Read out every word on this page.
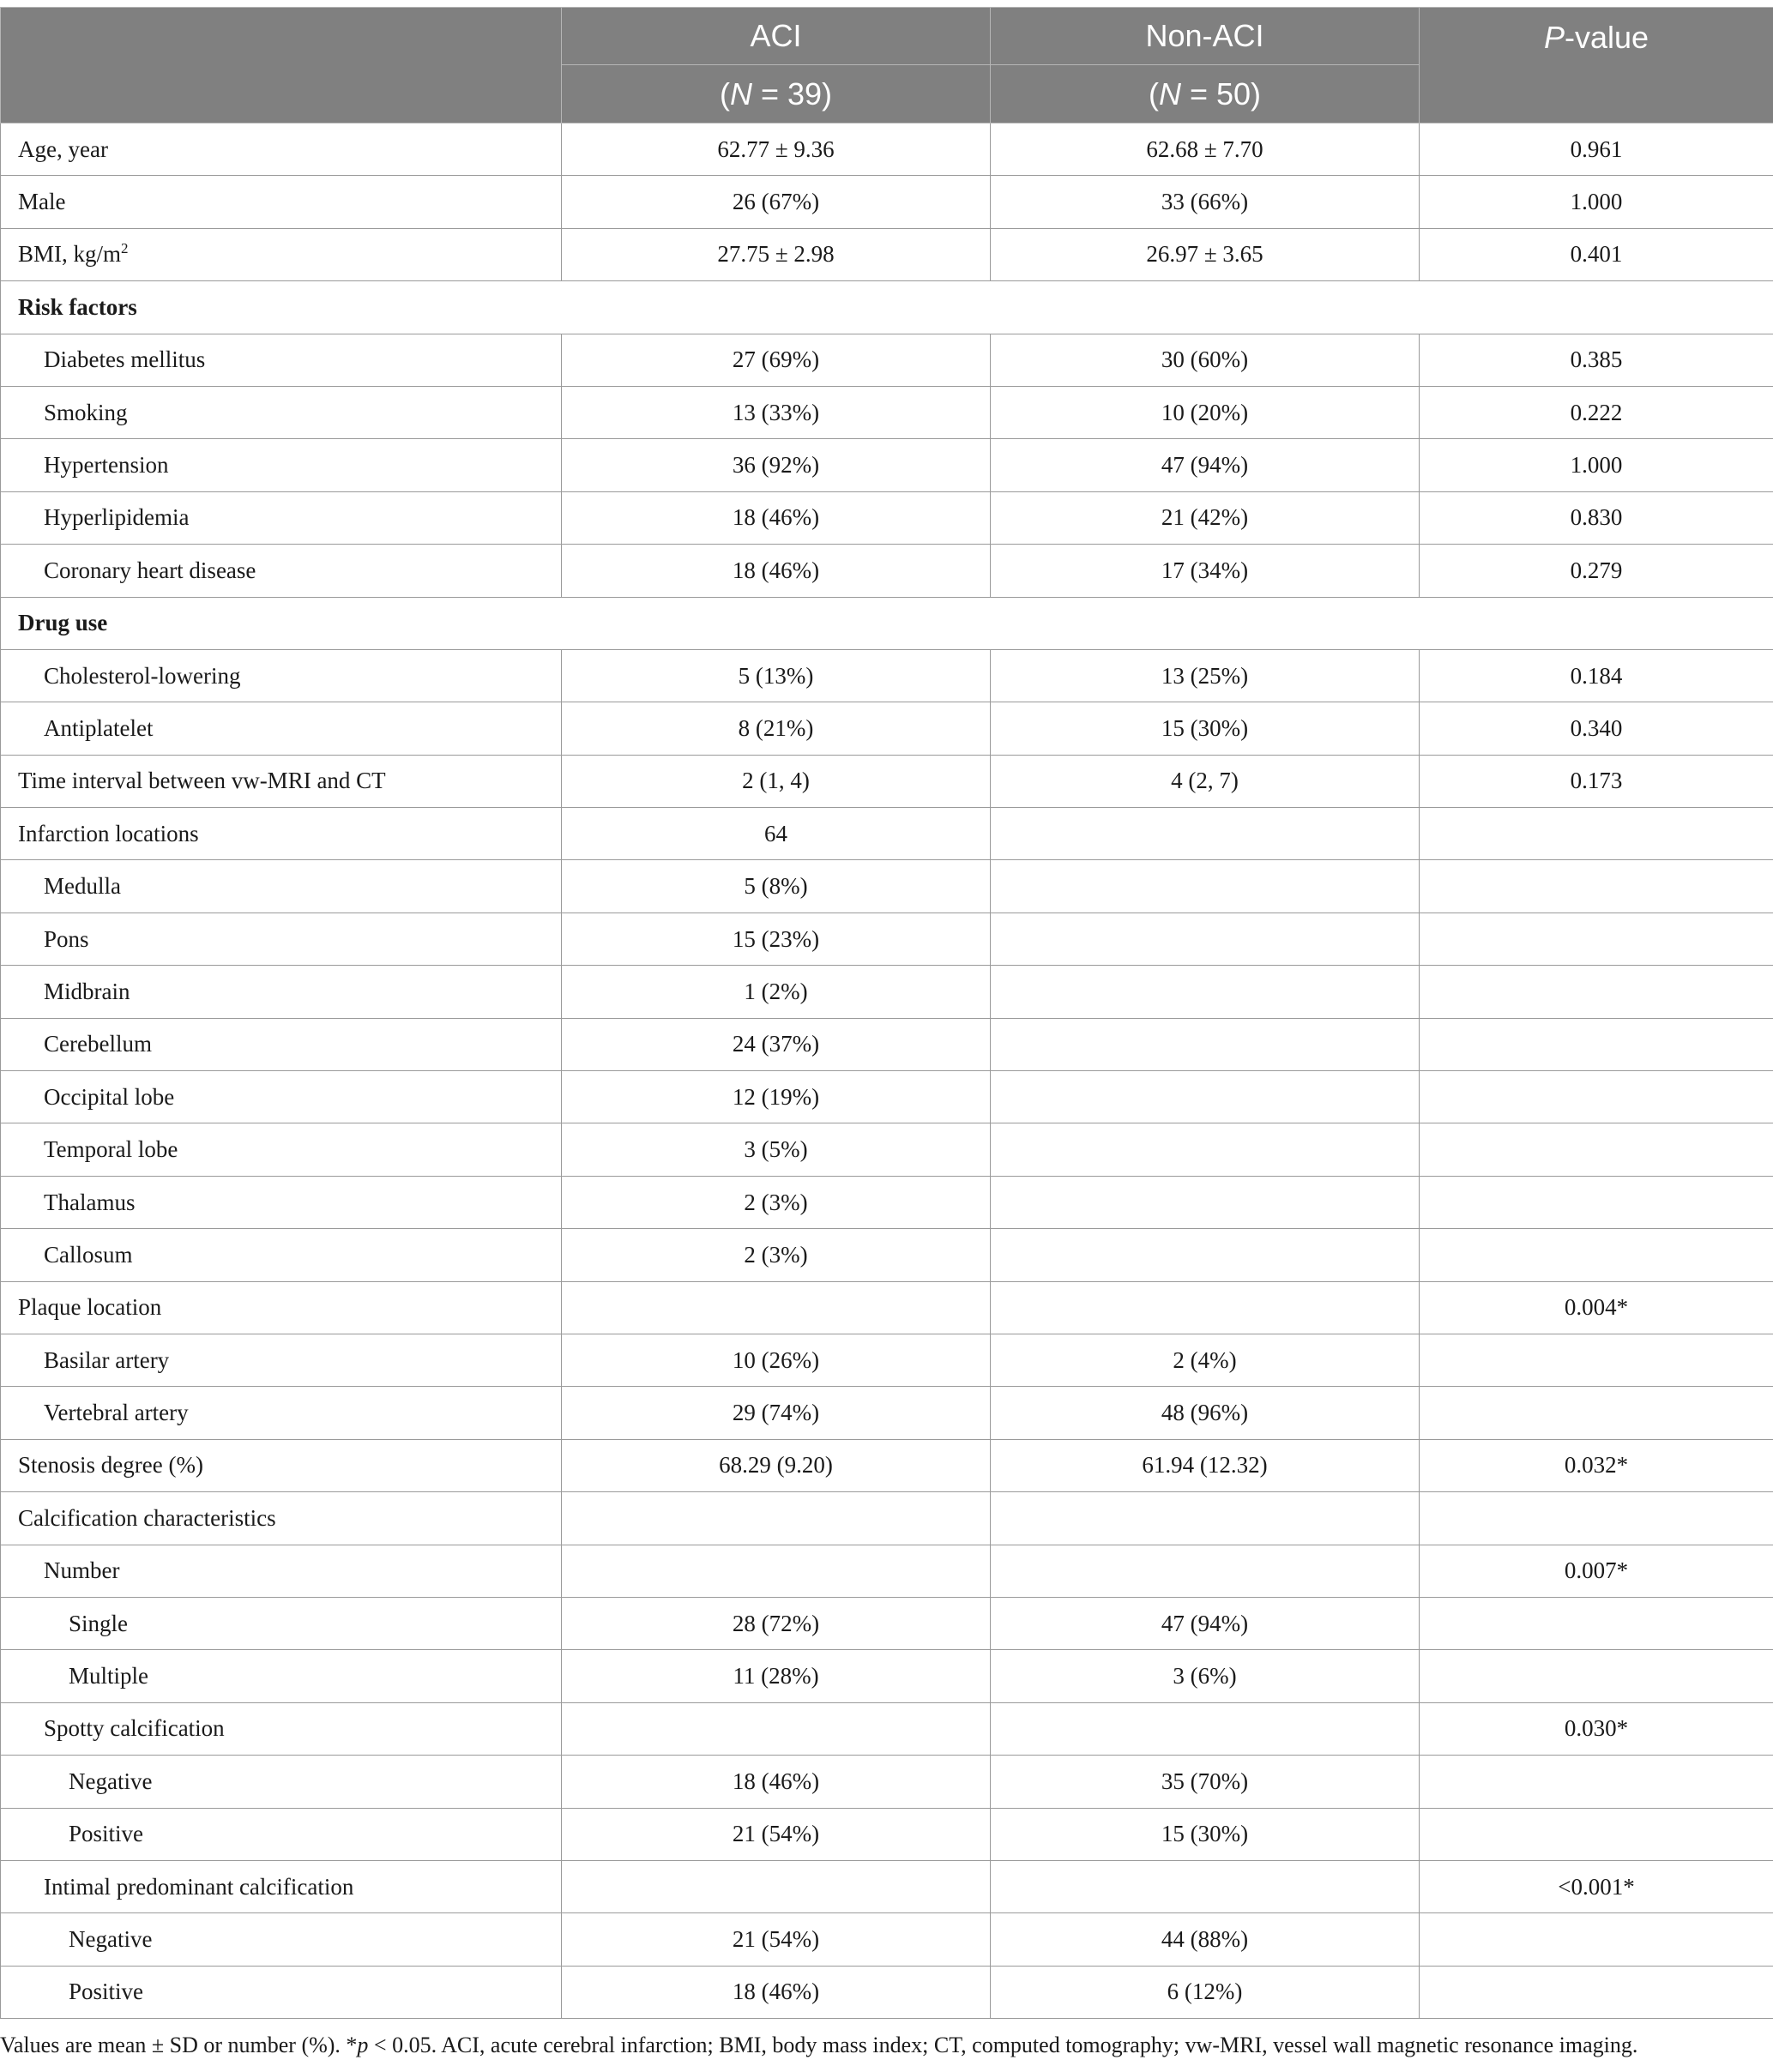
	ACI	Non-ACI	P-value
	(N = 39)	(N = 50)	
Age, year	62.77 ± 9.36	62.68 ± 7.70	0.961
Male	26 (67%)	33 (66%)	1.000
BMI, $kg/m^2$	27.75 ± 2.98	26.97 ± 3.65	0.401
Risk factors			
Diabetes mellitus	27 (69%)	30 (60%)	0.385
Smoking	13 (33%)	10 (20%)	0.222
Hypertension	36 (92%)	47 (94%)	1.000
Hyperlipidemia	18 (46%)	21 (42%)	0.830
Coronary heart disease	18 (46%)	17 (34%)	0.279
Drug use			
Cholesterol-lowering	5 (13%)	13 (25%)	0.184
Antiplatelet	8 (21%)	15 (30%)	0.340
Time interval between vw-MRI and CT	2 (1, 4)	4 (2, 7)	0.173
Infarction locations	64		
Medulla	5 (8%)		
Pons	15 (23%)		
Midbrain	1 (2%)		
Cerebellum	24 (37%)		
Occipital lobe	12 (19%)		
Temporal lobe	3 (5%)		
Thalamus	2 (3%)		
Callosum	2 (3%)		
Plaque location			0.004*
Basilar artery	10 (26%)	2 (4%)	
Vertebral artery	29 (74%)	48 (96%)	
Stenosis degree (%)	68.29 (9.20)	61.94 (12.32)	0.032*
Calcification characteristics			
Number			0.007*
Single	28 (72%)	47 (94%)	
Multiple	11 (28%)	3 (6%)	
Spotty calcification			0.030*
Negative	18 (46%)	35 (70%)	
Positive	21 (54%)	15 (30%)	
Intimal predominant calcification			<0.001*
Negative	21 (54%)	44 (88%)	
Positive	18 (46%)	6 (12%)	
Values are mean ± SD or number (%). *p < 0.05. ACI, acute cerebral infarction; BMI, body mass index; CT, computed tomography; vw-MRI, vessel wall magnetic resonance imaging.
